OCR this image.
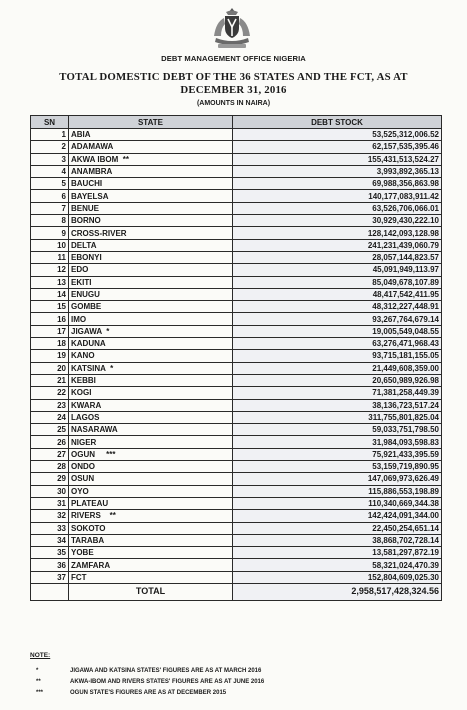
DEBT MANAGEMENT OFFICE NIGERIA
TOTAL DOMESTIC DEBT OF THE 36 STATES AND THE FCT, AS AT
DECEMBER 31, 2016
(AMOUNTS IN NAIRA)
SN	STATE	DEBT STOCK
1	ABIA	53,525,312,006.52
2	ADAMAWA	62,157,535,395.46
3	AKWA IBOM  **	155,431,513,524.27
4	ANAMBRA	3,993,892,365.13
5	BAUCHI	69,988,356,863.98
6	BAYELSA	140,177,083,911.42
7	BENUE	63,526,706,066.01
8	BORNO	30,929,430,222.10
9	CROSS-RIVER	128,142,093,128.98
10	DELTA	241,231,439,060.79
11	EBONYI	28,057,144,823.57
12	EDO	45,091,949,113.97
13	EKITI	85,049,678,107.89
14	ENUGU	48,417,542,411.95
15	GOMBE	48,312,227,448.91
16	IMO	93,267,764,679.14
17	JIGAWA  *	19,005,549,048.55
18	KADUNA	63,276,471,968.43
19	KANO	93,715,181,155.05
20	KATSINA  *	21,449,608,359.00
21	KEBBI	20,650,989,926.98
22	KOGI	71,381,258,449.39
23	KWARA	38,136,723,517.24
24	LAGOS	311,755,801,825.04
25	NASARAWA	59,033,751,798.50
26	NIGER	31,984,093,598.83
27	OGUN     ***	75,921,433,395.59
28	ONDO	53,159,719,890.95
29	OSUN	147,069,973,626.49
30	OYO	115,886,553,198.89
31	PLATEAU	110,340,669,344.38
32	RIVERS    **	142,424,091,344.00
33	SOKOTO	22,450,254,651.14
34	TARABA	38,868,702,728.14
35	YOBE	13,581,297,872.19
36	ZAMFARA	58,321,024,470.39
37	FCT	152,804,609,025.30
	TOTAL	2,958,517,428,324.56
NOTE:
*	JIGAWA AND KATSINA STATES' FIGURES ARE AS AT MARCH 2016
**	AKWA-IBOM AND RIVERS STATES' FIGURES ARE AS AT JUNE 2016
***	OGUN STATE'S FIGURES ARE AS AT DECEMBER 2015
